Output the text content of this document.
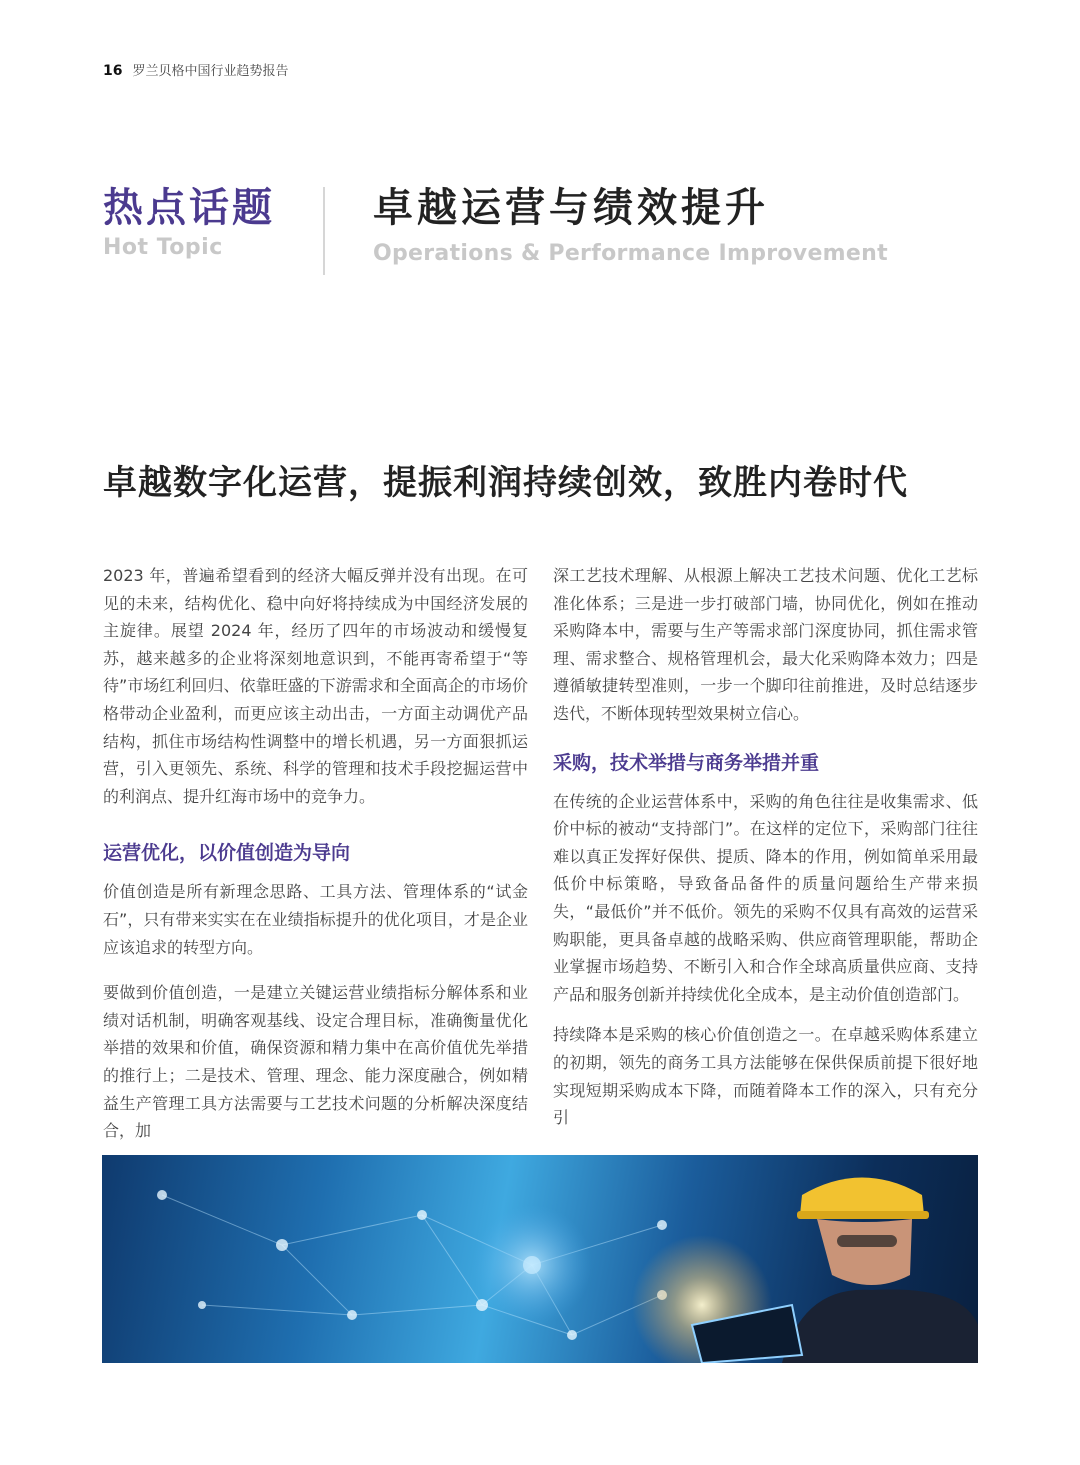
16 罗兰贝格中国行业趋势报告
热点话题
Hot Topic
卓越运营与绩效提升
Operations & Performance Improvement
卓越数字化运营，提振利润持续创效，致胜内卷时代

2023 年，普遍希望看到的经济大幅反弹并没有出现。在可见的未来，结构优化、稳中向好将持续成为中国经济发展的主旋律。展望 2024 年，经历了四年的市场波动和缓慢复苏，越来越多的企业将深刻地意识到，不能再寄希望于“等待”市场红利回归、依靠旺盛的下游需求和全面高企的市场价格带动企业盈利，而更应该主动出击，一方面主动调优产品结构，抓住市场结构性调整中的增长机遇，另一方面狠抓运营，引入更领先、系统、科学的管理和技术手段挖掘运营中的利润点、提升红海市场中的竞争力。

运营优化，以价值创造为导向

价值创造是所有新理念思路、工具方法、管理体系的“试金石”，只有带来实实在在业绩指标提升的优化项目，才是企业应该追求的转型方向。

要做到价值创造，一是建立关键运营业绩指标分解体系和业绩对话机制，明确客观基线、设定合理目标，准确衡量优化举措的效果和价值，确保资源和精力集中在高价值优先举措的推行上；二是技术、管理、理念、能力深度融合，例如精益生产管理工具方法需要与工艺技术问题的分析解决深度结合，加

深工艺技术理解、从根源上解决工艺技术问题、优化工艺标准化体系；三是进一步打破部门墙，协同优化，例如在推动采购降本中，需要与生产等需求部门深度协同，抓住需求管理、需求整合、规格管理机会，最大化采购降本效力；四是遵循敏捷转型准则，一步一个脚印往前推进，及时总结逐步迭代，不断体现转型效果树立信心。

采购，技术举措与商务举措并重

在传统的企业运营体系中，采购的角色往往是收集需求、低价中标的被动“支持部门”。在这样的定位下，采购部门往往难以真正发挥好保供、提质、降本的作用，例如简单采用最低价中标策略，导致备品备件的质量问题给生产带来损失，“最低价”并不低价。领先的采购不仅具有高效的运营采购职能，更具备卓越的战略采购、供应商管理职能，帮助企业掌握市场趋势、不断引入和合作全球高质量供应商、支持产品和服务创新并持续优化全成本，是主动价值创造部门。

持续降本是采购的核心价值创造之一。在卓越采购体系建立的初期，领先的商务工具方法能够在保供保质前提下很好地实现短期采购成本下降，而随着降本工作的深入，只有充分引
